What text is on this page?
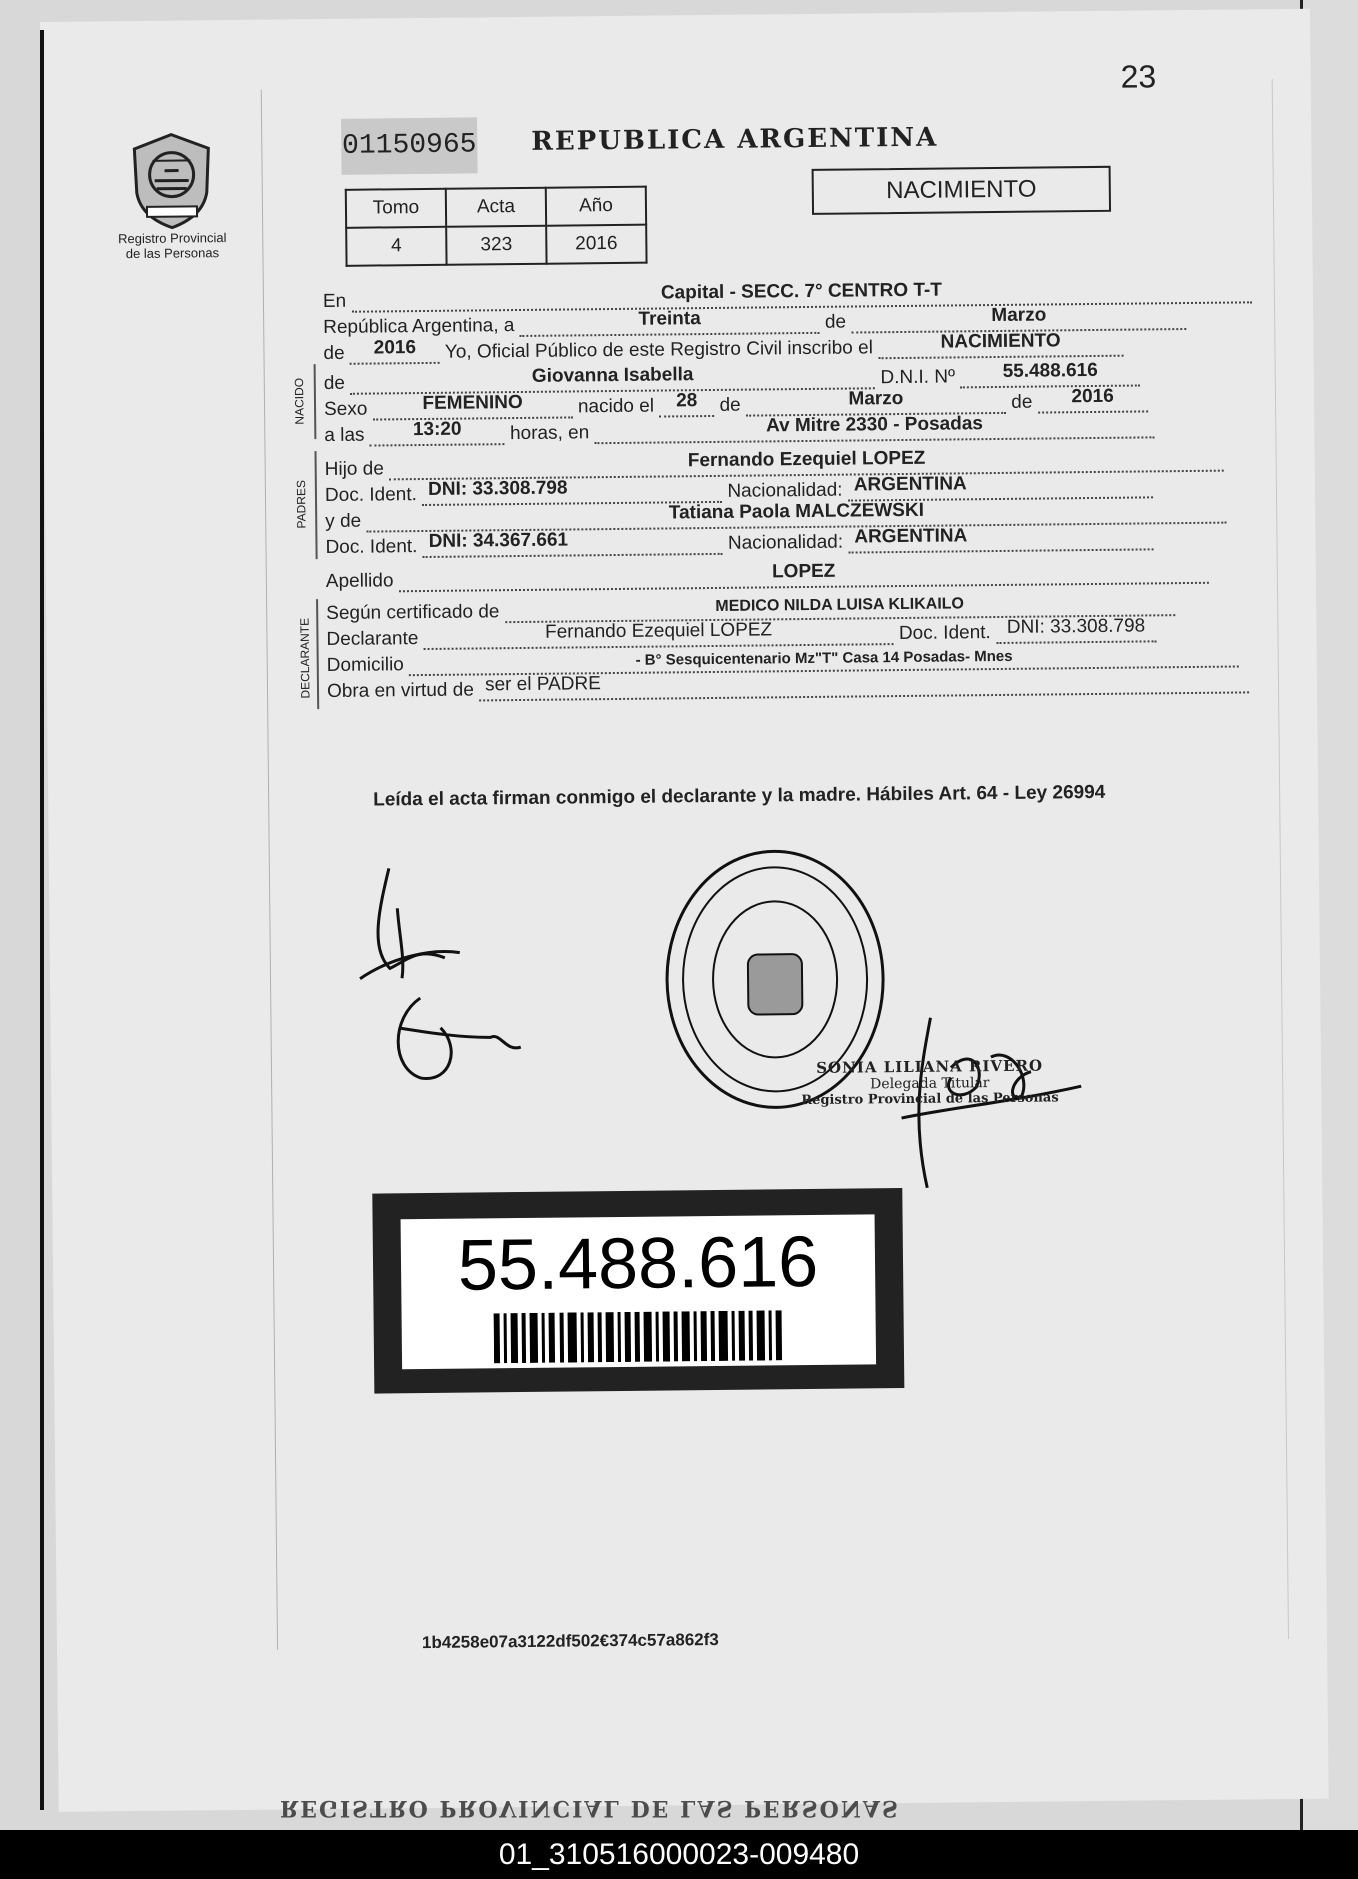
23
Registro Provincial
de las Personas
01150965 REPUBLICA ARGENTINA
Tomo	Acta	Año
4	323	2016
NACIMIENTO
En	Capital - SECC. 7° CENTRO T-T
República Argentina, a	Treinta	de	Marzo
de	2016	Yo, Oficial Público de este Registro Civil inscribo el	NACIMIENTO
NACIDO de	Giovanna Isabella	D.N.I. Nº	55.488.616
Sexo	FEMENINO	nacido el	28	de	Marzo	de	2016
a las	13:20	horas, en	Av Mitre 2330 - Posadas
PADRES
Hijo de	Fernando Ezequiel LOPEZ
Doc. Ident. DNI: 33.308.798	Nacionalidad: ARGENTINA
y de	Tatiana Paola MALCZEWSKI
Doc. Ident. DNI: 34.367.661	Nacionalidad: ARGENTINA
Apellido	LOPEZ
DECLARANTE
Según certificado de	MEDICO NILDA LUISA KLIKAILO
Declarante	Fernando Ezequiel LOPEZ	Doc. Ident. DNI: 33.308.798
Domicilio	- B° Sesquicentenario Mz"T" Casa 14 Posadas- Mnes
Obra en virtud de ser el PADRE
Leída el acta firman conmigo el declarante y la madre. Hábiles Art. 64 - Ley 26994
SONIA LILIANA RIVERO
Delegada Titular
Registro Provincial de las Personas
55.488.616
1b4258e07a3122df502€374c57a862f3
REGISTRO PROVINCIAL DE LAS PERSONAS
01_310516000023-009480
